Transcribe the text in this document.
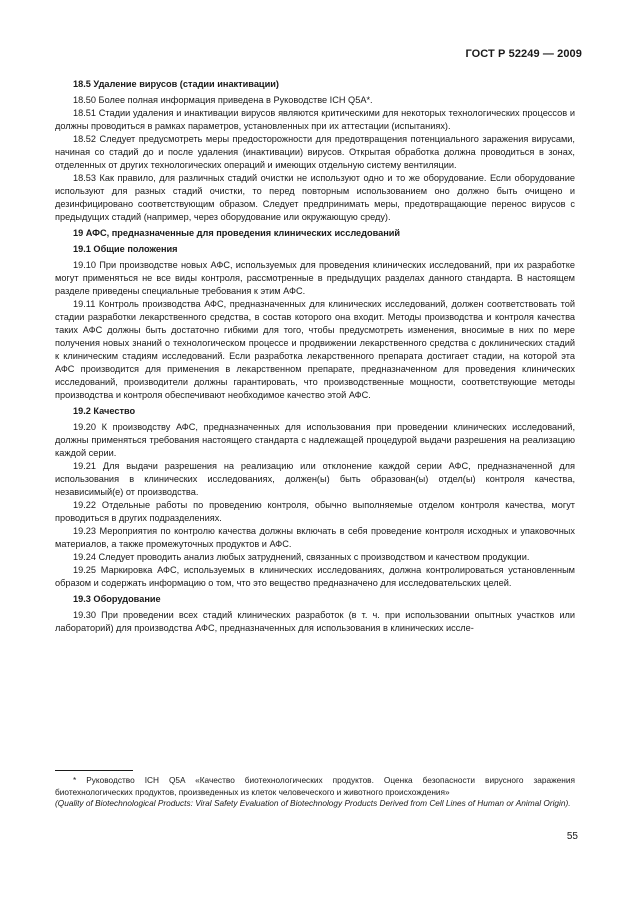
ГОСТ Р 52249 — 2009
18.5 Удаление вирусов (стадии инактивации)

18.50 Более полная информация приведена в Руководстве ICH Q5A*.

18.51 Стадии удаления и инактивации вирусов являются критическими для некоторых технологических процессов и должны проводиться в рамках параметров, установленных при их аттестации (испытаниях).

18.52 Следует предусмотреть меры предосторожности для предотвращения потенциального заражения вирусами, начиная со стадий до и после удаления (инактивации) вирусов. Открытая обработка должна проводиться в зонах, отделенных от других технологических операций и имеющих отдельную систему вентиляции.

18.53 Как правило, для различных стадий очистки не используют одно и то же оборудование. Если оборудование используют для разных стадий очистки, то перед повторным использованием оно должно быть очищено и дезинфицировано соответствующим образом. Следует предпринимать меры, предотвращающие перенос вирусов с предыдущих стадий (например, через оборудование или окружающую среду).

19 АФС, предназначенные для проведения клинических исследований
19.1 Общие положения

19.10 При производстве новых АФС, используемых для проведения клинических исследований, при их разработке могут применяться не все виды контроля, рассмотренные в предыдущих разделах данного стандарта. В настоящем разделе приведены специальные требования к этим АФС.

19.11 Контроль производства АФС, предназначенных для клинических исследований, должен соответствовать той стадии разработки лекарственного средства, в состав которого она входит. Методы производства и контроля качества таких АФС должны быть достаточно гибкими для того, чтобы предусмотреть изменения, вносимые в них по мере получения новых знаний о технологическом процессе и продвижении лекарственного средства с доклинических стадий к клиническим стадиям исследований. Если разработка лекарственного препарата достигает стадии, на которой эта АФС производится для применения в лекарственном препарате, предназначенном для проведения клинических исследований, производители должны гарантировать, что производственные мощности, соответствующие методы производства и контроля обеспечивают необходимое качество этой АФС.

19.2 Качество

19.20 К производству АФС, предназначенных для использования при проведении клинических исследований, должны применяться требования настоящего стандарта с надлежащей процедурой выдачи разрешения на реализацию каждой серии.

19.21 Для выдачи разрешения на реализацию или отклонение каждой серии АФС, предназначенной для использования в клинических исследованиях, должен(ы) быть образован(ы) отдел(ы) контроля качества, независимый(е) от производства.

19.22 Отдельные работы по проведению контроля, обычно выполняемые отделом контроля качества, могут проводиться в других подразделениях.

19.23 Мероприятия по контролю качества должны включать в себя проведение контроля исходных и упаковочных материалов, а также промежуточных продуктов и АФС.

19.24 Следует проводить анализ любых затруднений, связанных с производством и качеством продукции.

19.25 Маркировка АФС, используемых в клинических исследованиях, должна контролироваться установленным образом и содержать информацию о том, что это вещество предназначено для исследовательских целей.

19.3 Оборудование

19.30 При проведении всех стадий клинических разработок (в т. ч. при использовании опытных участков или лабораторий) для производства АФС, предназначенных для использования в клинических иссле-

* Руководство ICH Q5A «Качество биотехнологических продуктов. Оценка безопасности вирусного заражения биотехнологических продуктов, произведенных из клеток человеческого и животного происхождения»
(Quality of Biotechnological Products: Viral Safety Evaluation of Biotechnology Products Derived from Cell Lines of Human or Animal Origin).
55
